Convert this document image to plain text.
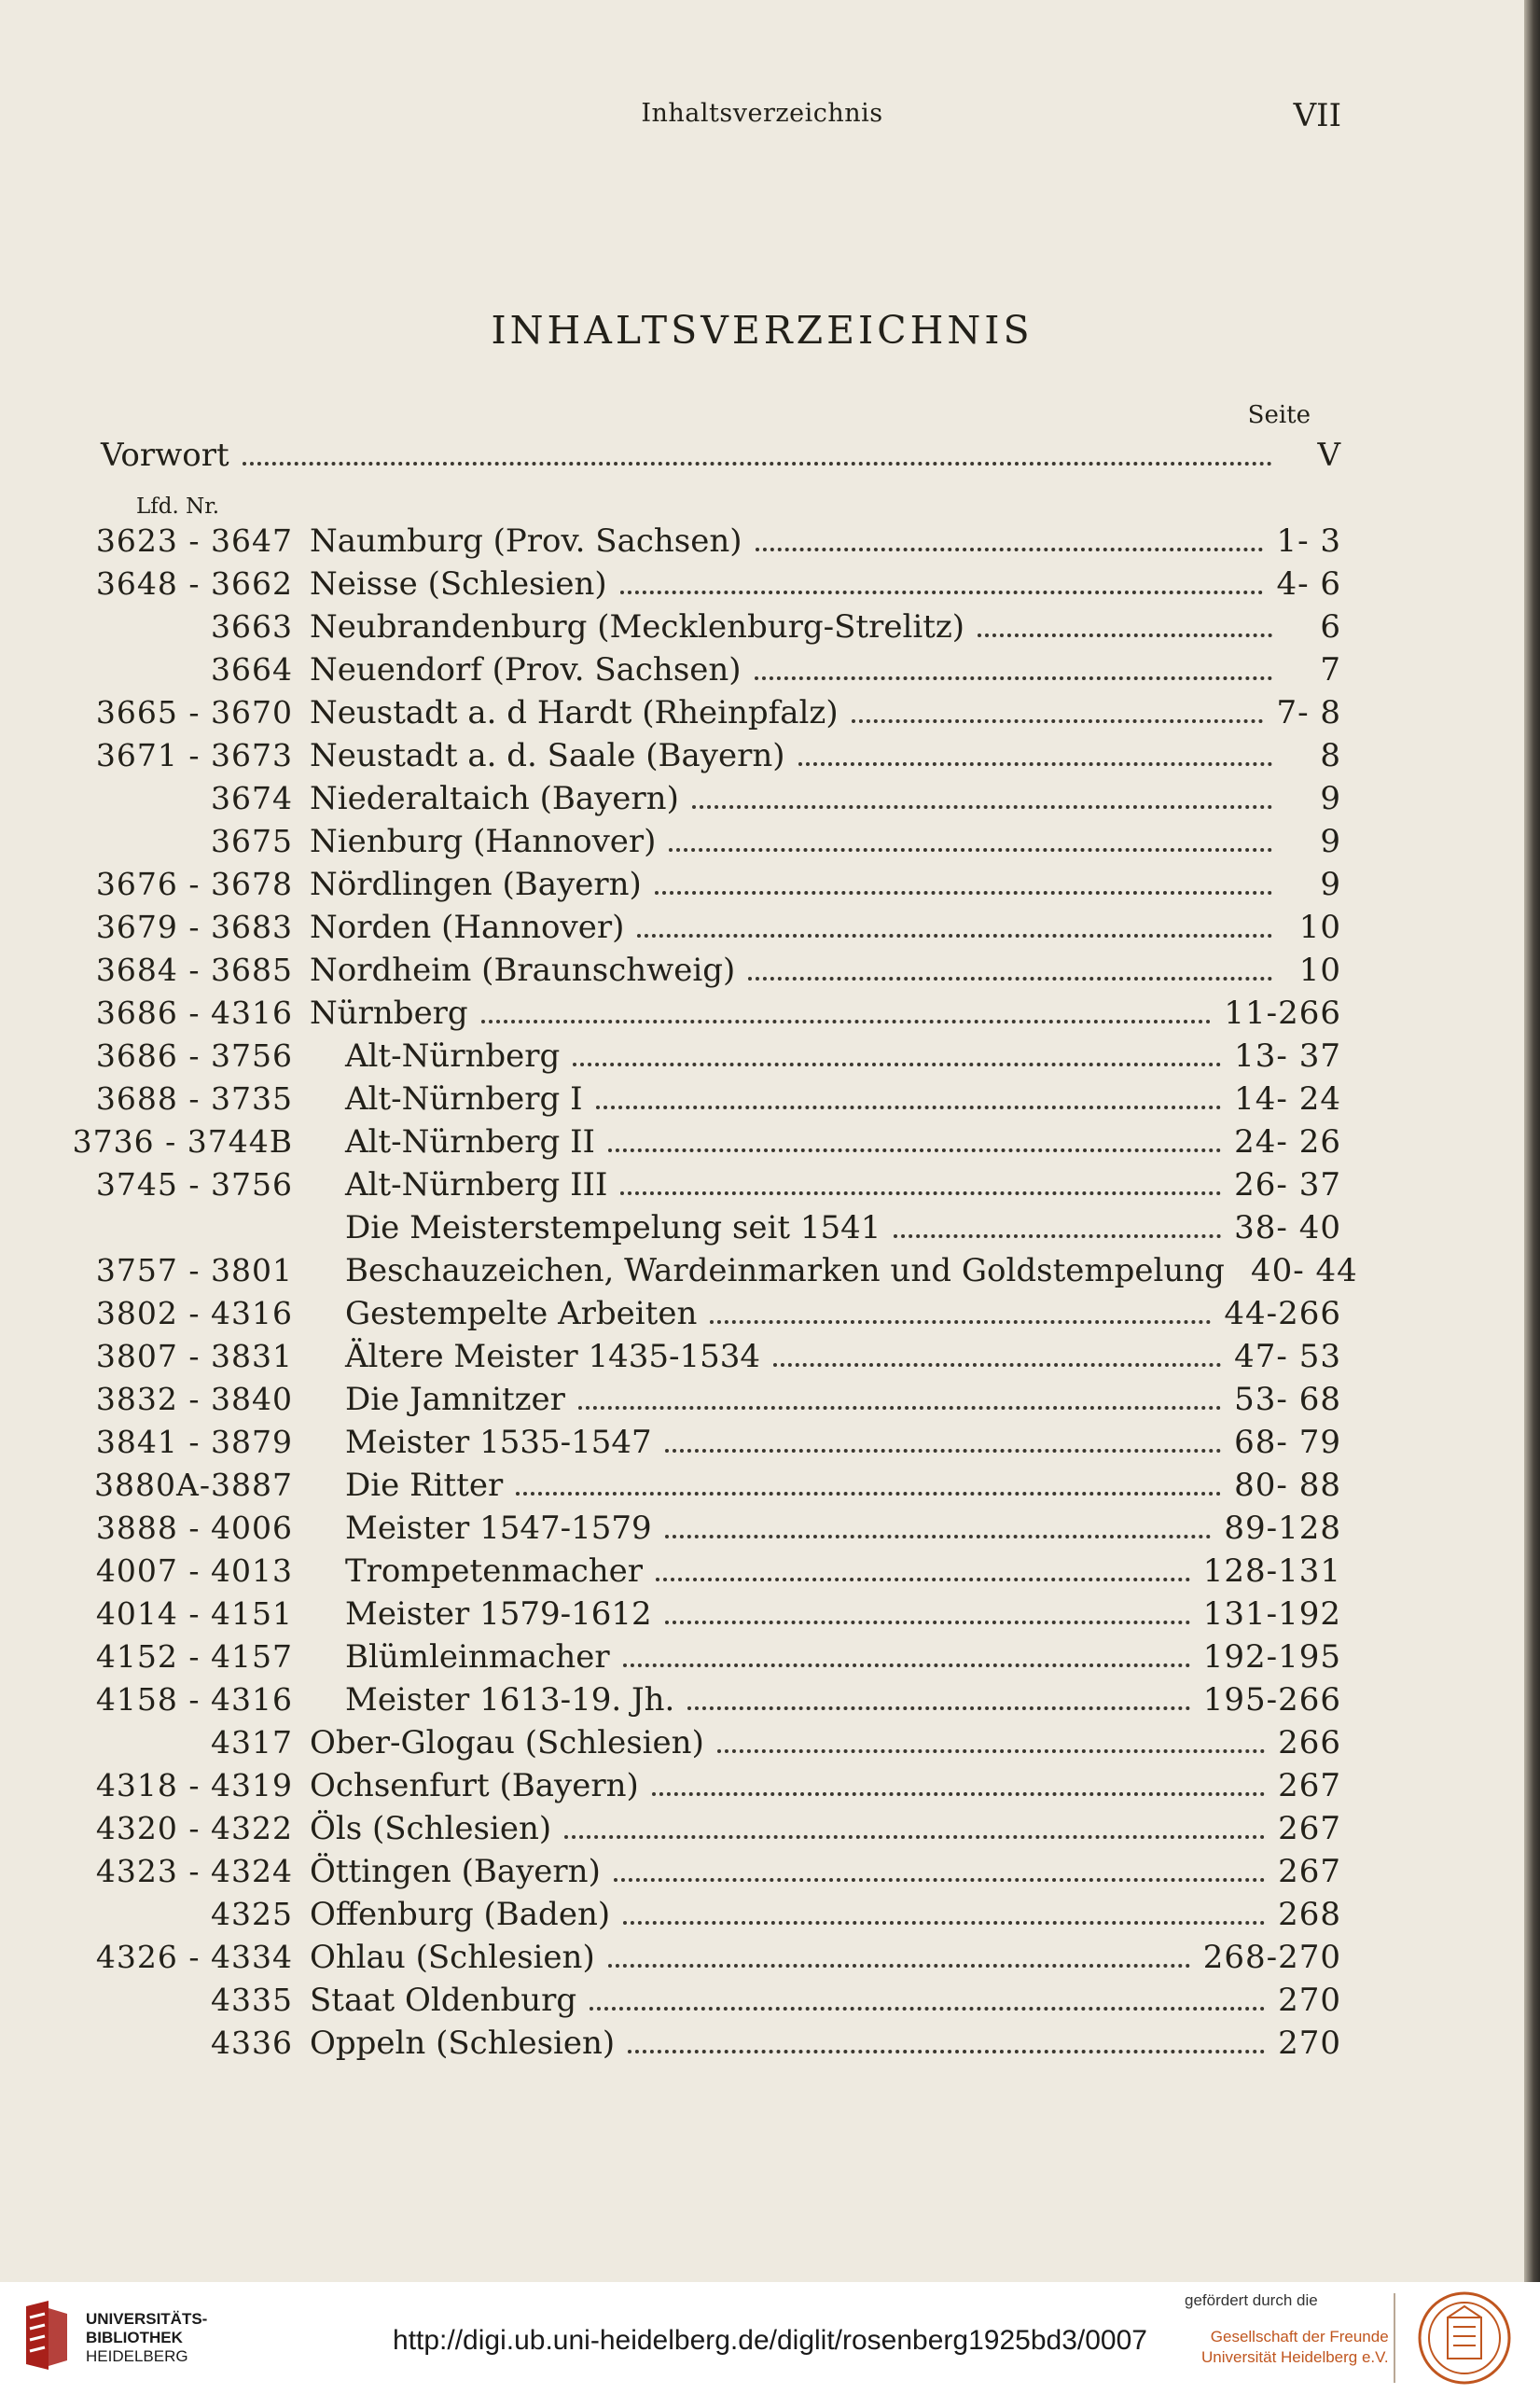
Inhaltsverzeichnis	VII
INHALTSVERZEICHNIS
Seite
Vorwort	V
Lfd. Nr.
3623 - 3647 Naumburg (Prov. Sachsen)	1- 3
3648 - 3662 Neisse (Schlesien)	4- 6
3663 Neubrandenburg (Mecklenburg-Strelitz)	6
3664 Neuendorf (Prov. Sachsen)	7
3665 - 3670 Neustadt a. d Hardt (Rheinpfalz)	7- 8
3671 - 3673 Neustadt a. d. Saale (Bayern)	8
3674 Niederaltaich (Bayern)	9
3675 Nienburg (Hannover)	9
3676 - 3678 Nördlingen (Bayern)	9
3679 - 3683 Norden (Hannover)	10
3684 - 3685 Nordheim (Braunschweig)	10
3686 - 4316 Nürnberg	11-266
3686 - 3756 Alt-Nürnberg	13- 37
3688 - 3735 Alt-Nürnberg I	14- 24
3736 - 3744B Alt-Nürnberg II	24- 26
3745 - 3756 Alt-Nürnberg III	26- 37
Die Meisterstempelung seit 1541	38- 40
3757 - 3801 Beschauzeichen, Wardeinmarken und Goldstempelung 40- 44
3802 - 4316 Gestempelte Arbeiten	44-266
3807 - 3831 Ältere Meister 1435-1534	47- 53
3832 - 3840 Die Jamnitzer	53- 68
3841 - 3879 Meister 1535-1547	68- 79
3880A-3887 Die Ritter	80- 88
3888 - 4006 Meister 1547-1579	89-128
4007 - 4013 Trompetenmacher	128-131
4014 - 4151 Meister 1579-1612	131-192
4152 - 4157 Blümleinmacher	192-195
4158 - 4316 Meister 1613-19. Jh.	195-266
4317 Ober-Glogau (Schlesien)	266
4318 - 4319 Ochsenfurt (Bayern)	267
4320 - 4322 Öls (Schlesien)	267
4323 - 4324 Öttingen (Bayern)	267
4325 Offenburg (Baden)	268
4326 - 4334 Ohlau (Schlesien)	268-270
4335 Staat Oldenburg	270
4336 Oppeln (Schlesien)	270
UNIVERSITÄTS-
BIBLIOTHEK
HEIDELBERG
http://digi.ub.uni-heidelberg.de/diglit/rosenberg1925bd3/0007
gefördert durch die
Gesellschaft der Freunde
Universität Heidelberg e.V.
